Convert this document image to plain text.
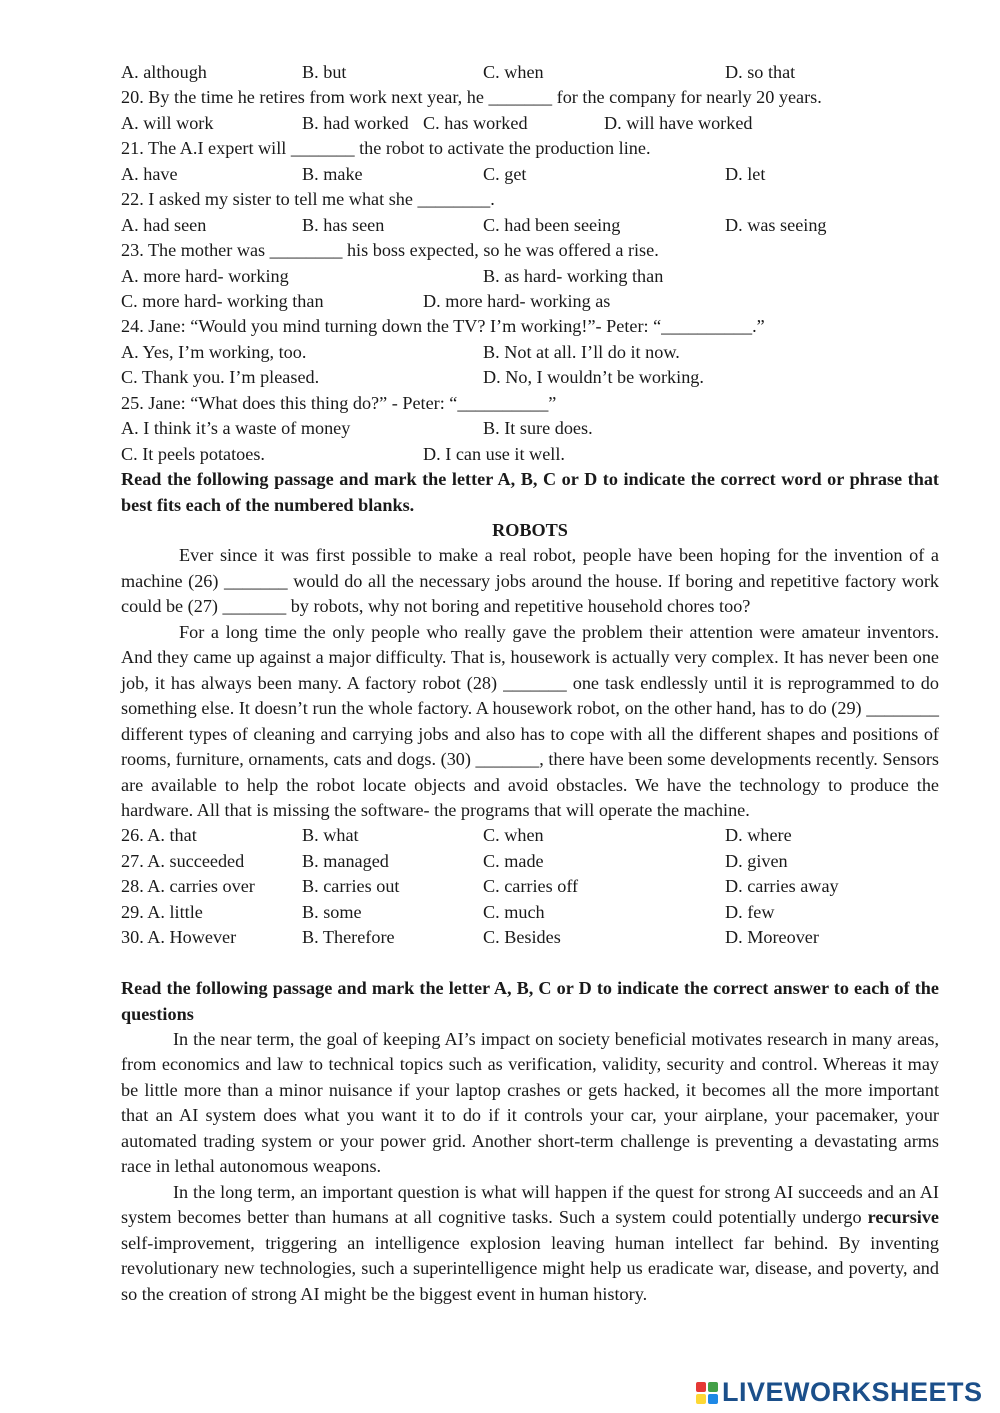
A. although	B. but	C. when	D. so that
20. By the time he retires from work next year, he _______ for the company for nearly 20 years.
A. will work	B. had worked C. has worked	D. will have worked
21. The A.I expert will _______ the robot to activate the production line.
A. have	B. make	C. get	D. let
22. I asked my sister to tell me what she ________.
A. had seen	B. has seen	C. had been seeing	D. was seeing
23. The mother was ________ his boss expected, so he was offered a rise.
A. more hard- working	B. as hard- working than
C. more hard- working than	D. more hard- working as
24. Jane: “Would you mind turning down the TV? I’m working!”- Peter: “__________.”
A. Yes, I’m working, too.	B. Not at all. I’ll do it now.
C. Thank you. I’m pleased.	D. No, I wouldn’t be working.
25. Jane: “What does this thing do?” - Peter: “__________”
A. I think it’s a waste of money	B. It sure does.
C. It peels potatoes.	D. I can use it well.
Read the following passage and mark the letter A, B, C or D to indicate the correct word or phrase that best fits each of the numbered blanks.
ROBOTS
Ever since it was first possible to make a real robot, people have been hoping for the invention of a machine (26) _______ would do all the necessary jobs around the house. If boring and repetitive factory work could be (27) _______ by robots, why not boring and repetitive household chores too?
For a long time the only people who really gave the problem their attention were amateur inventors. And they came up against a major difficulty. That is, housework is actually very complex. It has never been one job, it has always been many. A factory robot (28) _______ one task endlessly until it is reprogrammed to do something else. It doesn’t run the whole factory. A housework robot, on the other hand, has to do (29) ________ different types of cleaning and carrying jobs and also has to cope with all the different shapes and positions of rooms, furniture, ornaments, cats and dogs. (30) _______, there have been some developments recently. Sensors are available to help the robot locate objects and avoid obstacles. We have the technology to produce the hardware. All that is missing the software- the programs that will operate the machine.
26. A. that	B. what	C. when	D. where
27. A. succeeded	B. managed	C. made	D. given
28. A. carries over	B. carries out	C. carries off	D. carries away
29. A. little	B. some	C. much	D. few
30. A. However	B. Therefore	C. Besides	D. Moreover
Read the following passage and mark the letter A, B, C or D to indicate the correct answer to each of the questions
In the near term, the goal of keeping AI’s impact on society beneficial motivates research in many areas, from economics and law to technical topics such as verification, validity, security and control. Whereas it may be little more than a minor nuisance if your laptop crashes or gets hacked, it becomes all the more important that an AI system does what you want it to do if it controls your car, your airplane, your pacemaker, your automated trading system or your power grid. Another short-term challenge is preventing a devastating arms race in lethal autonomous weapons.
In the long term, an important question is what will happen if the quest for strong AI succeeds and an AI system becomes better than humans at all cognitive tasks. Such a system could potentially undergo recursive self-improvement, triggering an intelligence explosion leaving human intellect far behind. By inventing revolutionary new technologies, such a superintelligence might help us eradicate war, disease, and poverty, and so the creation of strong AI might be the biggest event in human history.
LIVEWORKSHEETS
